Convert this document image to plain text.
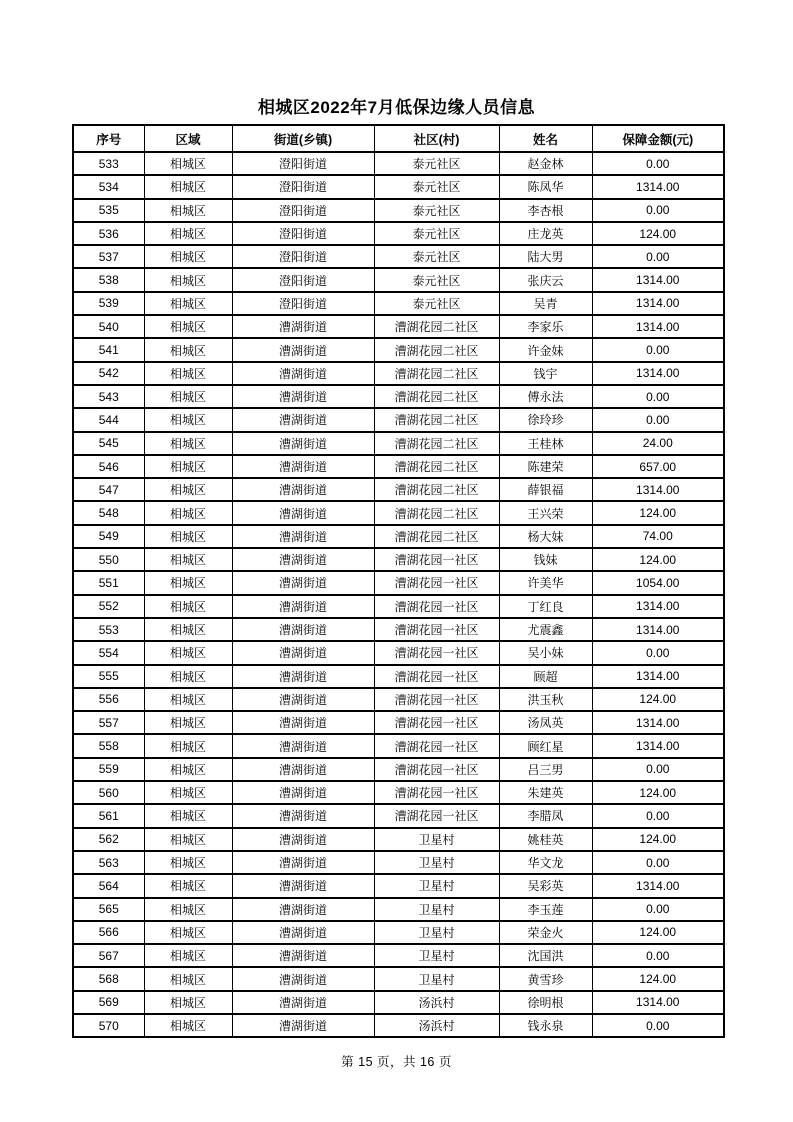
相城区2022年7月低保边缘人员信息
序号	区域	街道(乡镇)	社区(村)	姓名	保障金额(元)
533	相城区	澄阳街道	泰元社区	赵金林	0.00
534	相城区	澄阳街道	泰元社区	陈凤华	1314.00
535	相城区	澄阳街道	泰元社区	李杏根	0.00
536	相城区	澄阳街道	泰元社区	庄龙英	124.00
537	相城区	澄阳街道	泰元社区	陆大男	0.00
538	相城区	澄阳街道	泰元社区	张庆云	1314.00
539	相城区	澄阳街道	泰元社区	吴青	1314.00
540	相城区	漕湖街道	漕湖花园二社区	李家乐	1314.00
541	相城区	漕湖街道	漕湖花园二社区	许金妹	0.00
542	相城区	漕湖街道	漕湖花园二社区	钱宇	1314.00
543	相城区	漕湖街道	漕湖花园二社区	傅永法	0.00
544	相城区	漕湖街道	漕湖花园二社区	徐玲珍	0.00
545	相城区	漕湖街道	漕湖花园二社区	王桂林	24.00
546	相城区	漕湖街道	漕湖花园二社区	陈建荣	657.00
547	相城区	漕湖街道	漕湖花园二社区	薛银福	1314.00
548	相城区	漕湖街道	漕湖花园二社区	王兴荣	124.00
549	相城区	漕湖街道	漕湖花园二社区	杨大妹	74.00
550	相城区	漕湖街道	漕湖花园一社区	钱妹	124.00
551	相城区	漕湖街道	漕湖花园一社区	许美华	1054.00
552	相城区	漕湖街道	漕湖花园一社区	丁红良	1314.00
553	相城区	漕湖街道	漕湖花园一社区	尤震鑫	1314.00
554	相城区	漕湖街道	漕湖花园一社区	吴小妹	0.00
555	相城区	漕湖街道	漕湖花园一社区	顾超	1314.00
556	相城区	漕湖街道	漕湖花园一社区	洪玉秋	124.00
557	相城区	漕湖街道	漕湖花园一社区	汤凤英	1314.00
558	相城区	漕湖街道	漕湖花园一社区	顾红星	1314.00
559	相城区	漕湖街道	漕湖花园一社区	吕三男	0.00
560	相城区	漕湖街道	漕湖花园一社区	朱建英	124.00
561	相城区	漕湖街道	漕湖花园一社区	李腊凤	0.00
562	相城区	漕湖街道	卫星村	姚桂英	124.00
563	相城区	漕湖街道	卫星村	华文龙	0.00
564	相城区	漕湖街道	卫星村	吴彩英	1314.00
565	相城区	漕湖街道	卫星村	李玉莲	0.00
566	相城区	漕湖街道	卫星村	荣金火	124.00
567	相城区	漕湖街道	卫星村	沈国洪	0.00
568	相城区	漕湖街道	卫星村	黄雪珍	124.00
569	相城区	漕湖街道	汤浜村	徐明根	1314.00
570	相城区	漕湖街道	汤浜村	钱永泉	0.00
第 15 页，共 16 页
